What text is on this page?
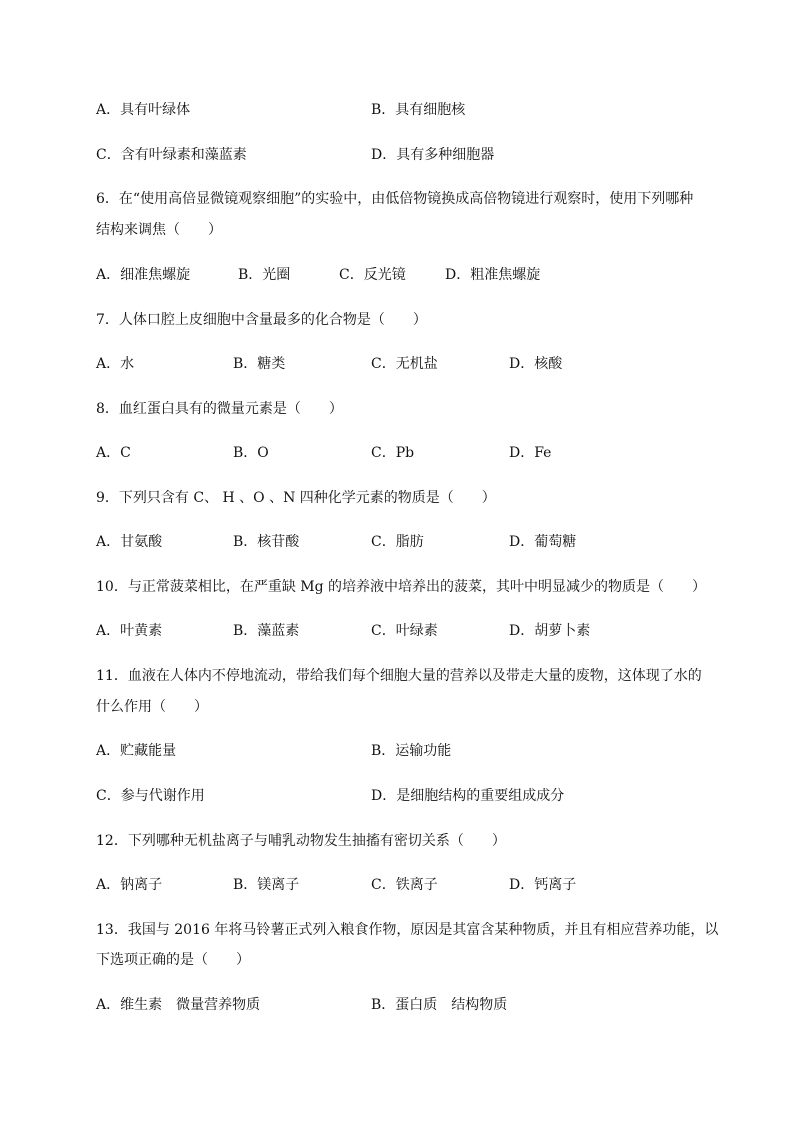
A．具有叶绿体	B．具有细胞核
C．含有叶绿素和藻蓝素	D．具有多种细胞器
6．在“使用高倍显微镜观察细胞”的实验中，由低倍物镜换成高倍物镜进行观察时，使用下列哪种
结构来调焦（　　）
A．细准焦螺旋	B．光圈	C．反光镜	D．粗准焦螺旋
7．人体口腔上皮细胞中含量最多的化合物是（　　）
A．水	B．糖类	C．无机盐	D．核酸
8．血红蛋白具有的微量元素是（　　）
A．C	B．O	C．Pb	D．Fe
9．下列只含有 C、 H 、O 、N 四种化学元素的物质是（　　）
A．甘氨酸	B．核苷酸	C．脂肪	D．葡萄糖
10．与正常菠菜相比，在严重缺 Mg 的培养液中培养出的菠菜，其叶中明显减少的物质是（　　）
A．叶黄素	B．藻蓝素	C．叶绿素	D．胡萝卜素
11．血液在人体内不停地流动，带给我们每个细胞大量的营养以及带走大量的废物，这体现了水的
什么作用（　　）
A．贮藏能量	B．运输功能
C．参与代谢作用	D．是细胞结构的重要组成成分
12．下列哪种无机盐离子与哺乳动物发生抽搐有密切关系（　　）
A．钠离子	B．镁离子	C．铁离子	D．钙离子
13．我国与 2016 年将马铃薯正式列入粮食作物，原因是其富含某种物质，并且有相应营养功能，以
下选项正确的是（　　）
A．维生素　微量营养物质	B．蛋白质　结构物质
